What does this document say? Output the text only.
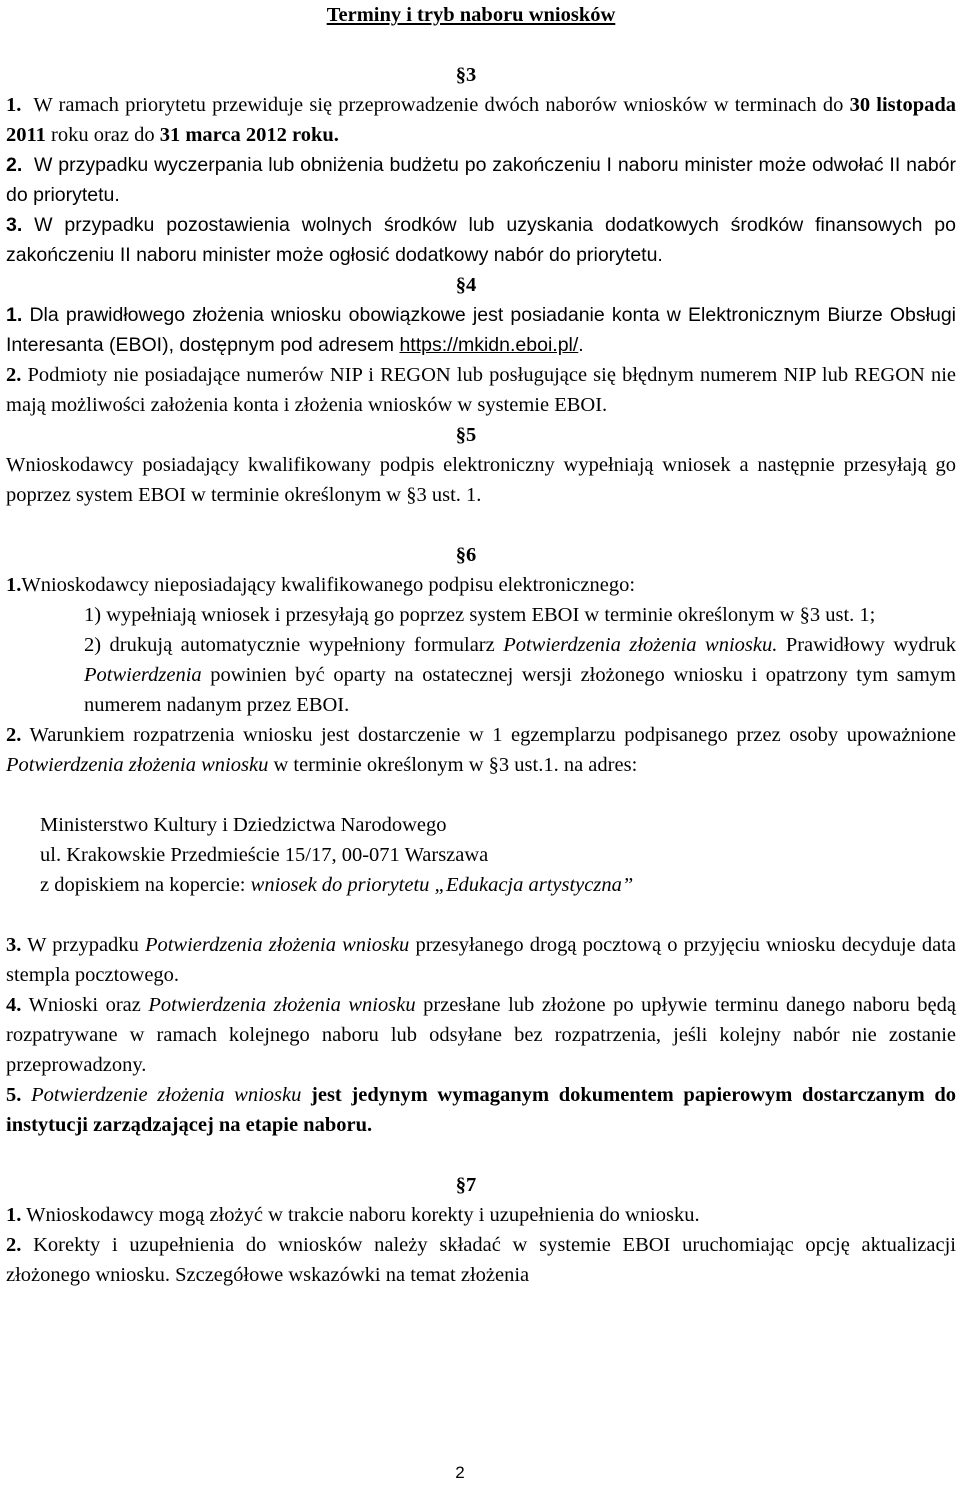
Terminy i tryb naboru wniosków

§3

1. W ramach priorytetu przewiduje się przeprowadzenie dwóch naborów wniosków w terminach do 30 listopada 2011 roku oraz do 31 marca 2012 roku.

2. W przypadku wyczerpania lub obniżenia budżetu po zakończeniu I naboru minister może odwołać II nabór do priorytetu.

3. W przypadku pozostawienia wolnych środków lub uzyskania dodatkowych środków finansowych po zakończeniu II naboru minister może ogłosić dodatkowy nabór do priorytetu.

§4

1. Dla prawidłowego złożenia wniosku obowiązkowe jest posiadanie konta w Elektronicznym Biurze Obsługi Interesanta (EBOI), dostępnym pod adresem https://mkidn.eboi.pl/.

2. Podmioty nie posiadające numerów NIP i REGON lub posługujące się błędnym numerem NIP lub REGON nie mają możliwości założenia konta i złożenia wniosków w systemie EBOI.

§5

Wnioskodawcy posiadający kwalifikowany podpis elektroniczny wypełniają wniosek a następnie przesyłają go poprzez system EBOI w terminie określonym w §3 ust. 1.

§6

1.Wnioskodawcy nieposiadający kwalifikowanego podpisu elektronicznego:

1) wypełniają wniosek i przesyłają go poprzez system EBOI w terminie określonym w §3 ust. 1;

2) drukują automatycznie wypełniony formularz Potwierdzenia złożenia wniosku. Prawidłowy wydruk Potwierdzenia powinien być oparty na ostatecznej wersji złożonego wniosku i opatrzony tym samym numerem nadanym przez EBOI.

2. Warunkiem rozpatrzenia wniosku jest dostarczenie w 1 egzemplarzu podpisanego przez osoby upoważnione Potwierdzenia złożenia wniosku w terminie określonym w §3 ust.1. na adres:

Ministerstwo Kultury i Dziedzictwa Narodowego

ul. Krakowskie Przedmieście 15/17, 00-071 Warszawa

z dopiskiem na kopercie: wniosek do priorytetu „Edukacja artystyczna”

3. W przypadku Potwierdzenia złożenia wniosku przesyłanego drogą pocztową o przyjęciu wniosku decyduje data stempla pocztowego.

4. Wnioski oraz Potwierdzenia złożenia wniosku przesłane lub złożone po upływie terminu danego naboru będą rozpatrywane w ramach kolejnego naboru lub odsyłane bez rozpatrzenia, jeśli kolejny nabór nie zostanie przeprowadzony.

5. Potwierdzenie złożenia wniosku jest jedynym wymaganym dokumentem papierowym dostarczanym do instytucji zarządzającej na etapie naboru.

§7

1. Wnioskodawcy mogą złożyć w trakcie naboru korekty i uzupełnienia do wniosku.

2. Korekty i uzupełnienia do wniosków należy składać w systemie EBOI uruchomiając opcję aktualizacji złożonego wniosku. Szczegółowe wskazówki na temat złożenia

2
